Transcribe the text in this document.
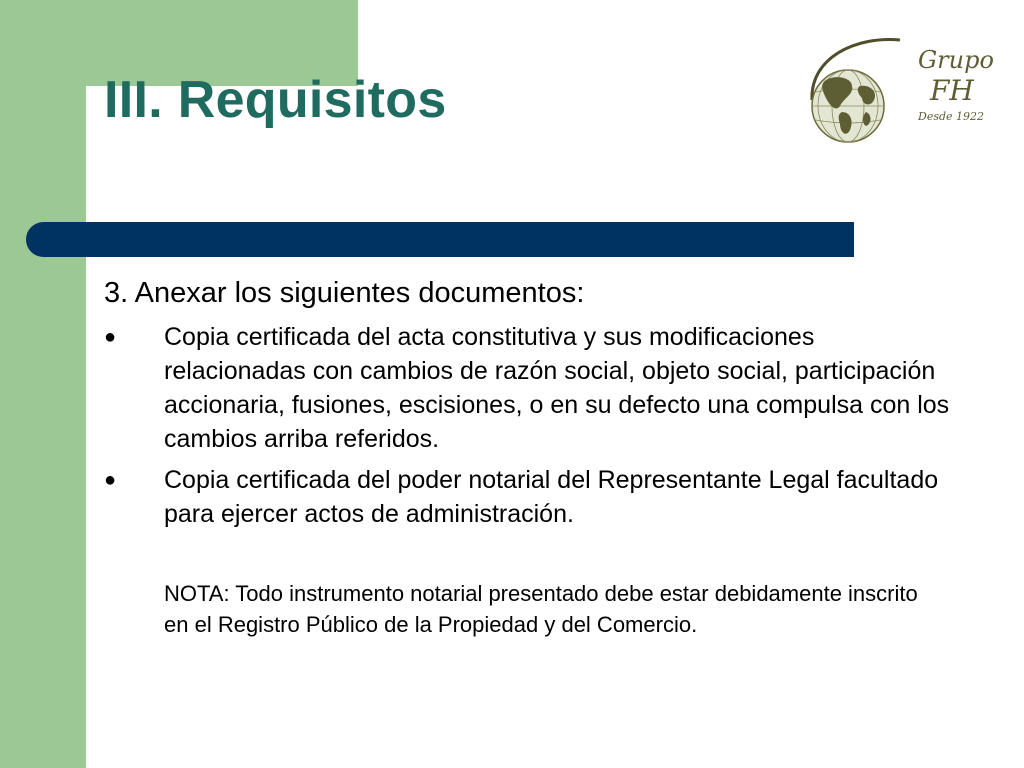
III. Requisitos
Grupo
FH
Desde 1922
3. Anexar los siguientes documentos:
●	Copia certificada del acta constitutiva y sus modificaciones relacionadas con cambios de razón social, objeto social, participación accionaria, fusiones, escisiones, o en su defecto una compulsa con los cambios arriba referidos.
●	Copia certificada del poder notarial del Representante Legal facultado para ejercer actos de administración.

NOTA: Todo instrumento notarial presentado debe estar debidamente inscrito en el Registro Público de la Propiedad y del Comercio.
